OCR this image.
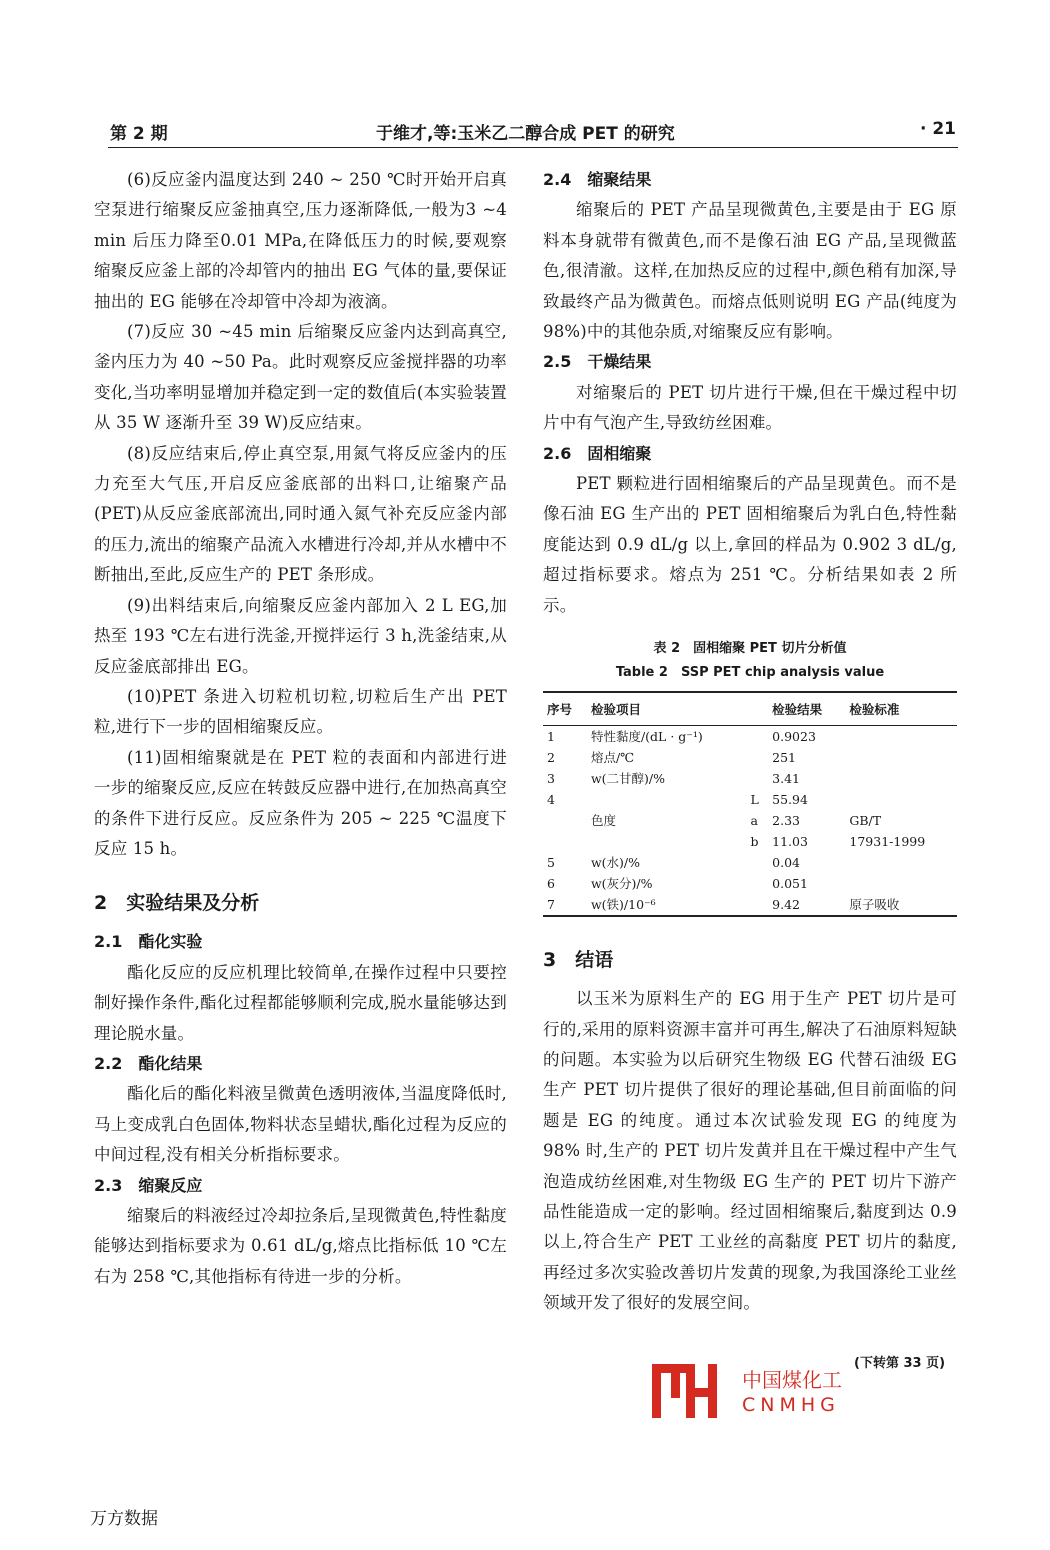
第 2 期	于维才,等:玉米乙二醇合成 PET 的研究	· 21

(6)反应釜内温度达到 240 ~ 250 ℃时开始开启真空泵进行缩聚反应釜抽真空,压力逐渐降低,一般为3 ~4 min 后压力降至0.01 MPa,在降低压力的时候,要观察缩聚反应釜上部的冷却管内的抽出 EG 气体的量,要保证抽出的 EG 能够在冷却管中冷却为液滴。

(7)反应 30 ~45 min 后缩聚反应釜内达到高真空,釜内压力为 40 ~50 Pa。此时观察反应釜搅拌器的功率变化,当功率明显增加并稳定到一定的数值后(本实验装置从 35 W 逐渐升至 39 W)反应结束。

(8)反应结束后,停止真空泵,用氮气将反应釜内的压力充至大气压,开启反应釜底部的出料口,让缩聚产品(PET)从反应釜底部流出,同时通入氮气补充反应釜内部的压力,流出的缩聚产品流入水槽进行冷却,并从水槽中不断抽出,至此,反应生产的 PET 条形成。

(9)出料结束后,向缩聚反应釜内部加入 2 L EG,加热至 193 ℃左右进行洗釜,开搅拌运行 3 h,洗釜结束,从反应釜底部排出 EG。

(10)PET 条进入切粒机切粒,切粒后生产出 PET 粒,进行下一步的固相缩聚反应。

(11)固相缩聚就是在 PET 粒的表面和内部进行进一步的缩聚反应,反应在转鼓反应器中进行,在加热高真空的条件下进行反应。反应条件为 205 ~ 225 ℃温度下反应 15 h。

2　实验结果及分析

2.1　酯化实验

酯化反应的反应机理比较简单,在操作过程中只要控制好操作条件,酯化过程都能够顺利完成,脱水量能够达到理论脱水量。

2.2　酯化结果

酯化后的酯化料液呈微黄色透明液体,当温度降低时,马上变成乳白色固体,物料状态呈蜡状,酯化过程为反应的中间过程,没有相关分析指标要求。

2.3　缩聚反应

缩聚后的料液经过冷却拉条后,呈现微黄色,特性黏度能够达到指标要求为 0.61 dL/g,熔点比指标低 10 ℃左右为 258 ℃,其他指标有待进一步的分析。

2.4　缩聚结果

缩聚后的 PET 产品呈现微黄色,主要是由于 EG 原料本身就带有微黄色,而不是像石油 EG 产品,呈现微蓝色,很清澈。这样,在加热反应的过程中,颜色稍有加深,导致最终产品为微黄色。而熔点低则说明 EG 产品(纯度为 98%)中的其他杂质,对缩聚反应有影响。

2.5　干燥结果

对缩聚后的 PET 切片进行干燥,但在干燥过程中切片中有气泡产生,导致纺丝困难。

2.6　固相缩聚

PET 颗粒进行固相缩聚后的产品呈现黄色。而不是像石油 EG 生产出的 PET 固相缩聚后为乳白色,特性黏度能达到 0.9 dL/g 以上,拿回的样品为 0.902 3 dL/g,超过指标要求。熔点为 251 ℃。分析结果如表 2 所示。

表 2　固相缩聚 PET 切片分析值
Table 2　SSP PET chip analysis value
序号	检验项目		检验结果	检验标准
1	特性黏度/(dL · g⁻¹)		0.9023	
2	熔点/℃		251	
3	w(二甘醇)/%		3.41	
4		L	55.94	
	色度	a	2.33	GB/T
		b	11.03	17931-1999
5	w(水)/%		0.04	
6	w(灰分)/%		0.051	
7	w(铁)/10⁻⁶		9.42	原子吸收
3　结语

以玉米为原料生产的 EG 用于生产 PET 切片是可行的,采用的原料资源丰富并可再生,解决了石油原料短缺的问题。本实验为以后研究生物级 EG 代替石油级 EG 生产 PET 切片提供了很好的理论基础,但目前面临的问题是 EG 的纯度。通过本次试验发现 EG 的纯度为 98% 时,生产的 PET 切片发黄并且在干燥过程中产生气泡造成纺丝困难,对生物级 EG 生产的 PET 切片下游产品性能造成一定的影响。经过固相缩聚后,黏度到达 0.9 以上,符合生产 PET 工业丝的高黏度 PET 切片的黏度,再经过多次实验改善切片发黄的现象,为我国涤纶工业丝领域开发了很好的发展空间。

(下转第 33 页)
中国煤化工
CNMHG
万方数据
